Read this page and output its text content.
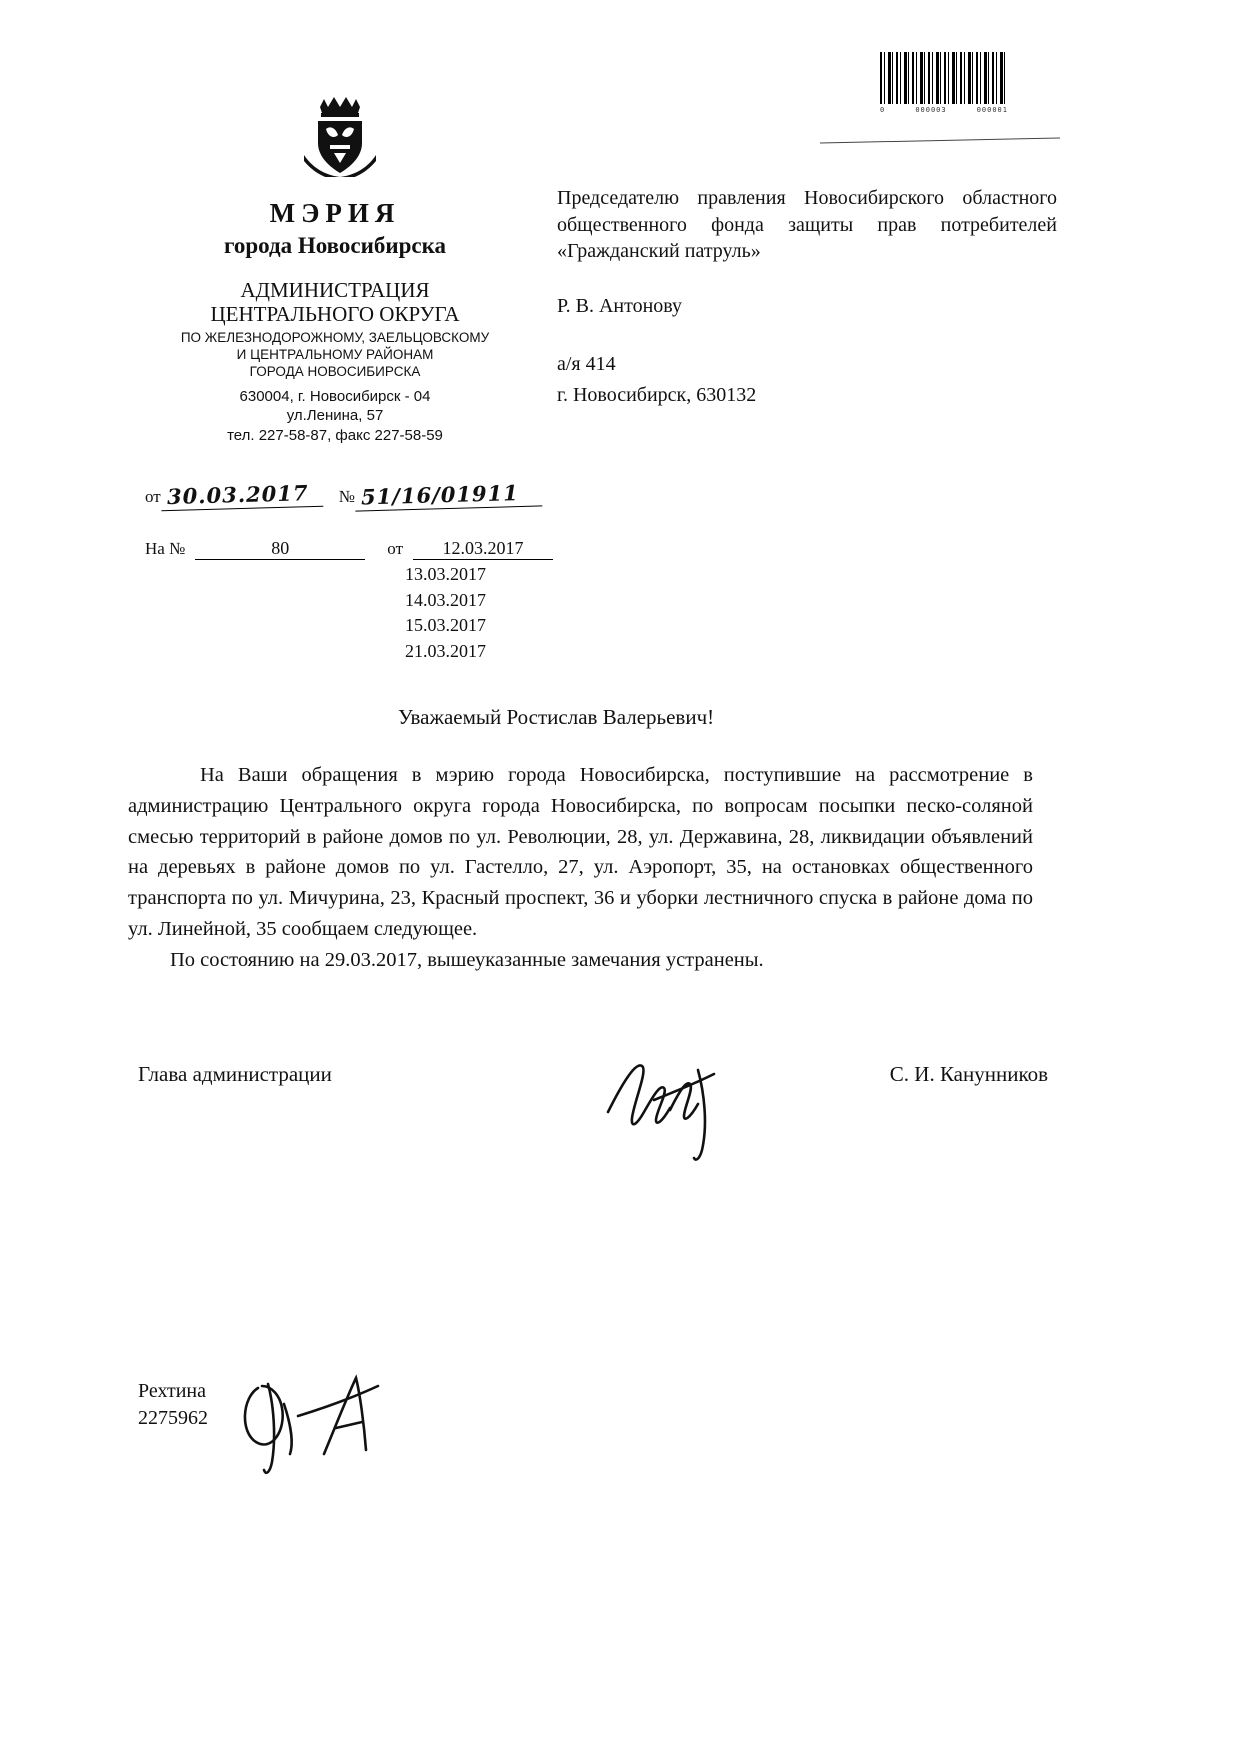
0	000003	000001

МЭРИЯ

города Новосибирска

АДМИНИСТРАЦИЯ

ЦЕНТРАЛЬНОГО ОКРУГА

ПО ЖЕЛЕЗНОДОРОЖНОМУ, ЗАЕЛЬЦОВСКОМУ

И ЦЕНТРАЛЬНОМУ РАЙОНАМ

ГОРОДА НОВОСИБИРСКА

630004, г. Новосибирск - 04

ул.Ленина, 57

тел. 227-58-87, факс 227-58-59

от 30.03.2017	№ 51/16/01911
На №	80	от	12.03.2017
13.03.2017
14.03.2017
15.03.2017
21.03.2017
Председателю правления Новосибирского областного общественного фонда защиты прав потребителей «Гражданский патруль»
Р. В. Антонову
а/я 414
г. Новосибирск, 630132
Уважаемый Ростислав Валерьевич!

На Ваши обращения в мэрию города Новосибирска, поступившие на рассмотрение в администрацию Центрального округа города Новосибирска, по вопросам посыпки песко-соляной смесью территорий в районе домов по ул. Революции, 28, ул. Державина, 28, ликвидации объявлений на деревьях в районе домов по ул. Гастелло, 27, ул. Аэропорт, 35, на остановках общественного транспорта по ул. Мичурина, 23, Красный проспект, 36 и уборки лестничного спуска в районе дома по ул. Линейной, 35 сообщаем следующее.

По состоянию на 29.03.2017, вышеуказанные замечания устранены.

Глава администрации	С. И. Канунников
Рехтина
2275962
